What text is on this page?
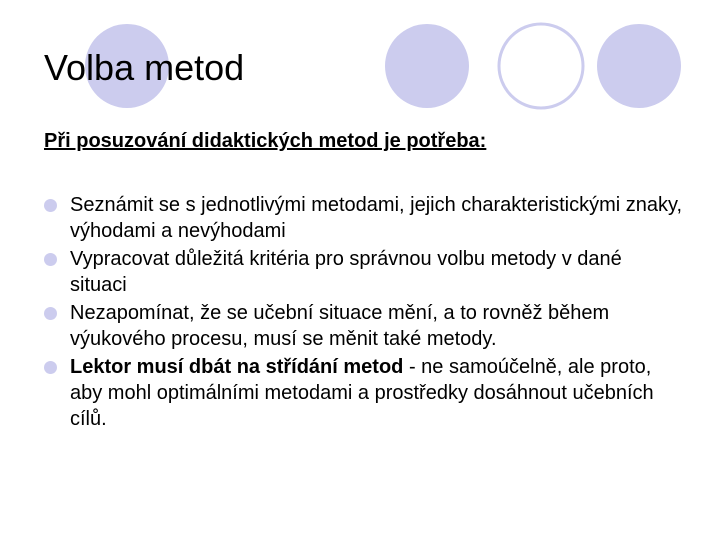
Volba metod
Při posuzování didaktických metod je potřeba:
Seznámit se s jednotlivými metodami, jejich charakteristickými znaky, výhodami a nevýhodami
Vypracovat důležitá kritéria pro správnou volbu metody v dané situaci
Nezapomínat, že se učební situace mění, a to rovněž během výukového procesu, musí se měnit také metody.
Lektor musí dbát na střídání metod - ne samoúčelně, ale proto, aby mohl optimálními metodami a prostředky dosáhnout učebních cílů.
